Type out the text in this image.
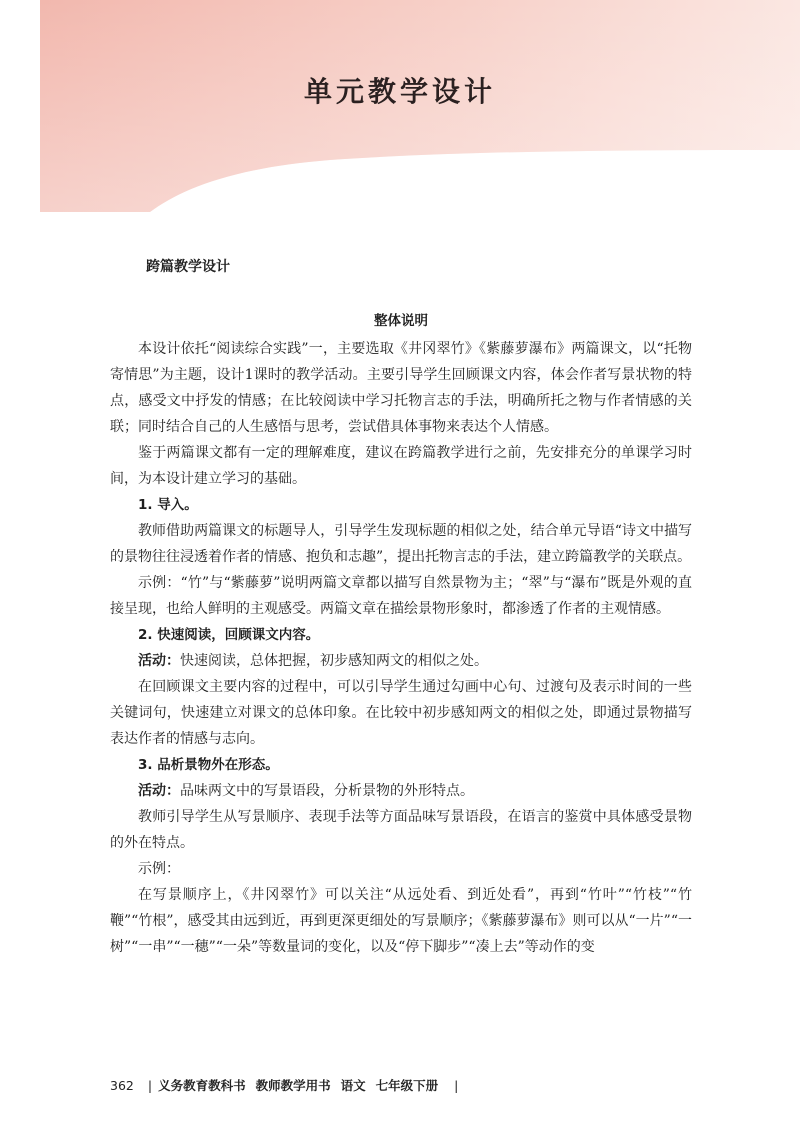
单元教学设计
跨篇教学设计
整体说明

本设计依托“阅读综合实践”一，主要选取《井冈翠竹》《紫藤萝瀑布》两篇课文，以“托物寄情思”为主题，设计1课时的教学活动。主要引导学生回顾课文内容，体会作者写景状物的特点，感受文中抒发的情感；在比较阅读中学习托物言志的手法，明确所托之物与作者情感的关联；同时结合自己的人生感悟与思考，尝试借具体事物来表达个人情感。

鉴于两篇课文都有一定的理解难度，建议在跨篇教学进行之前，先安排充分的单课学习时间，为本设计建立学习的基础。

1. 导入。

教师借助两篇课文的标题导人，引导学生发现标题的相似之处，结合单元导语“诗文中描写的景物往往浸透着作者的情感、抱负和志趣”，提出托物言志的手法，建立跨篇教学的关联点。

示例：“竹”与“紫藤萝”说明两篇文章都以描写自然景物为主；“翠”与“瀑布”既是外观的直接呈现，也给人鲜明的主观感受。两篇文章在描绘景物形象时，都渗透了作者的主观情感。

2. 快速阅读，回顾课文内容。

活动：快速阅读，总体把握，初步感知两文的相似之处。

在回顾课文主要内容的过程中，可以引导学生通过勾画中心句、过渡句及表示时间的一些关键词句，快速建立对课文的总体印象。在比较中初步感知两文的相似之处，即通过景物描写表达作者的情感与志向。

3. 品析景物外在形态。

活动：品味两文中的写景语段，分析景物的外形特点。

教师引导学生从写景顺序、表现手法等方面品味写景语段，在语言的鉴赏中具体感受景物的外在特点。

示例：

在写景顺序上，《井冈翠竹》可以关注“从远处看、到近处看”，再到“竹叶”“竹枝”“竹鞭”“竹根”，感受其由远到近，再到更深更细处的写景顺序；《紫藤萝瀑布》则可以从“一片”“一树”“一串”“一穗”“一朵”等数量词的变化，以及“停下脚步”“凑上去”等动作的变

362 | 义务教育教科书 教师教学用书 语文 七年级下册 |
